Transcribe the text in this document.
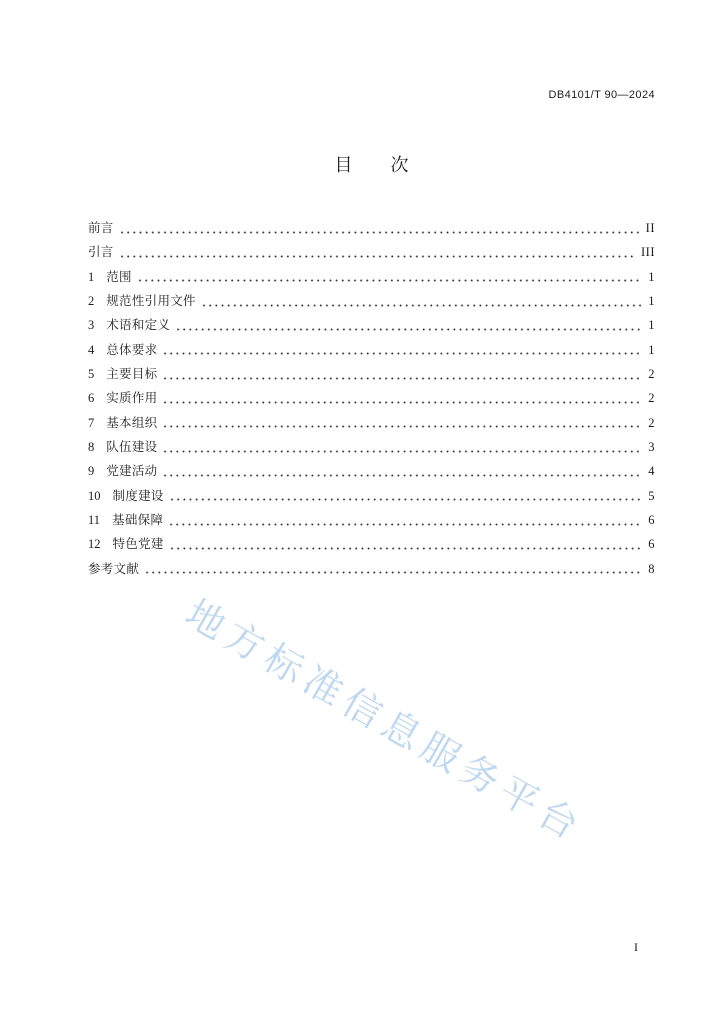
DB4101/T 90—2024
目　次
前言	II
引言	III
1 范围	1
2 规范性引用文件	1
3 术语和定义	1
4 总体要求	1
5 主要目标	2
6 实质作用	2
7 基本组织	2
8 队伍建设	3
9 党建活动	4
10 制度建设	5
11 基础保障	6
12 特色党建	6
参考文献	8
地方标准信息服务平台
I
